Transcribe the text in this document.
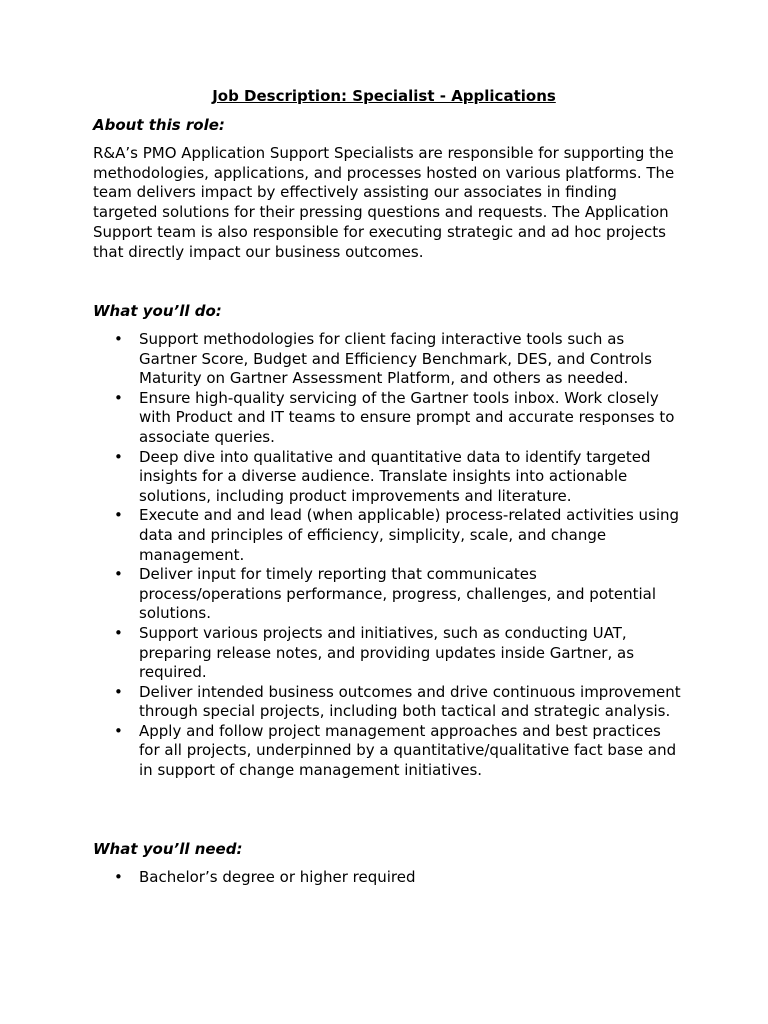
Job Description: Specialist - Applications
About this role:

R&A’s PMO Application Support Specialists are responsible for supporting the methodologies, applications, and processes hosted on various platforms. The team delivers impact by effectively assisting our associates in finding targeted solutions for their pressing questions and requests. The Application Support team is also responsible for executing strategic and ad hoc projects that directly impact our business outcomes.

What you’ll do:
• Support methodologies for client facing interactive tools such as Gartner Score, Budget and Efficiency Benchmark, DES, and Controls Maturity on Gartner Assessment Platform, and others as needed.
• Ensure high-quality servicing of the Gartner tools inbox. Work closely with Product and IT teams to ensure prompt and accurate responses to associate queries.
• Deep dive into qualitative and quantitative data to identify targeted insights for a diverse audience. Translate insights into actionable solutions, including product improvements and literature.
• Execute and and lead (when applicable) process-related activities using data and principles of efficiency, simplicity, scale, and change management.
• Deliver input for timely reporting that communicates process/operations performance, progress, challenges, and potential solutions.
• Support various projects and initiatives, such as conducting UAT, preparing release notes, and providing updates inside Gartner, as required.
• Deliver intended business outcomes and drive continuous improvement through special projects, including both tactical and strategic analysis.
• Apply and follow project management approaches and best practices for all projects, underpinned by a quantitative/qualitative fact base and in support of change management initiatives.
What you’ll need:
• Bachelor’s degree or higher required
